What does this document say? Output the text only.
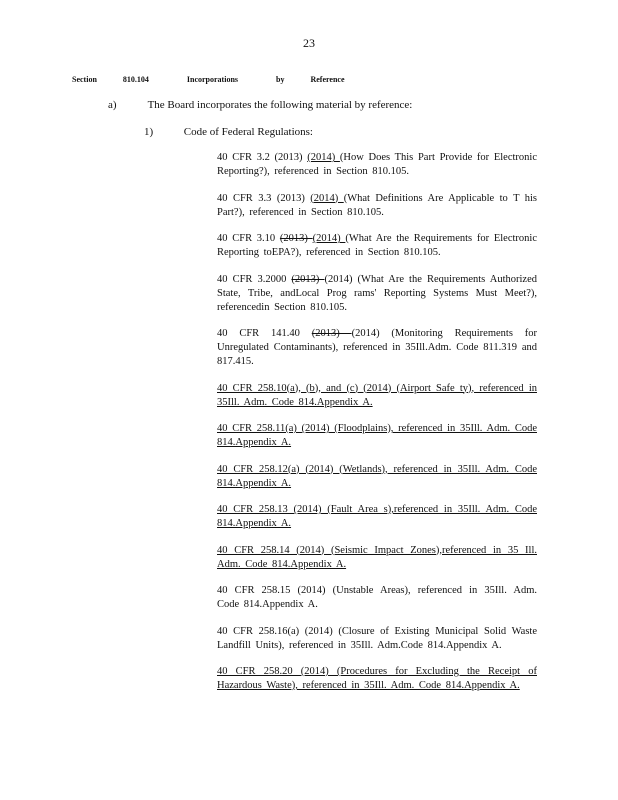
23
Section	810.104	Incorporations	by	Reference
a)	The Board incorporates the following material by reference:
1)	Code of Federal Regulations:

40 CFR 3.2 (2013) (2014) (How Does This Part Provide for Electronic Reporting?), referenced in Section 810.105.

40 CFR 3.3 (2013) (2014) (What Definitions Are Applicable to T his Part?), referenced in Section 810.105.

40 CFR 3.10 (2013) (2014) (What Are the Requirements for Electronic Reporting toEPA?), referenced in Section 810.105.

40 CFR 3.2000 (2013) (2014) (What Are the Requirements Authorized State, Tribe, andLocal Prog rams' Reporting Systems Must Meet?), referencedin Section 810.105.

40 CFR 141.40 (2013) (2014) (Monitoring Requirements for Unregulated Contaminants), referenced in 35Ill.Adm. Code 811.319 and 817.415.

40 CFR 258.10(a), (b), and (c) (2014) (Airport Safe ty), referenced in 35Ill. Adm. Code 814.Appendix A.

40 CFR 258.11(a) (2014) (Floodplains), referenced in 35Ill. Adm. Code 814.Appendix A.

40 CFR 258.12(a) (2014) (Wetlands), referenced in 35Ill. Adm. Code 814.Appendix A.

40 CFR 258.13 (2014) (Fault Area s),referenced in 35Ill. Adm. Code 814.Appendix A.

40 CFR 258.14 (2014) (Seismic Impact Zones),referenced in 35 Ill. Adm. Code 814.Appendix A.

40 CFR 258.15 (2014) (Unstable Areas), referenced in 35Ill. Adm. Code 814.Appendix A.

40 CFR 258.16(a) (2014) (Closure of Existing Municipal Solid Waste Landfill Units), referenced in 35Ill. Adm.Code 814.Appendix A.

40 CFR 258.20 (2014) (Procedures for Excluding the Receipt of Hazardous Waste), referenced in 35Ill. Adm. Code 814.Appendix A.
